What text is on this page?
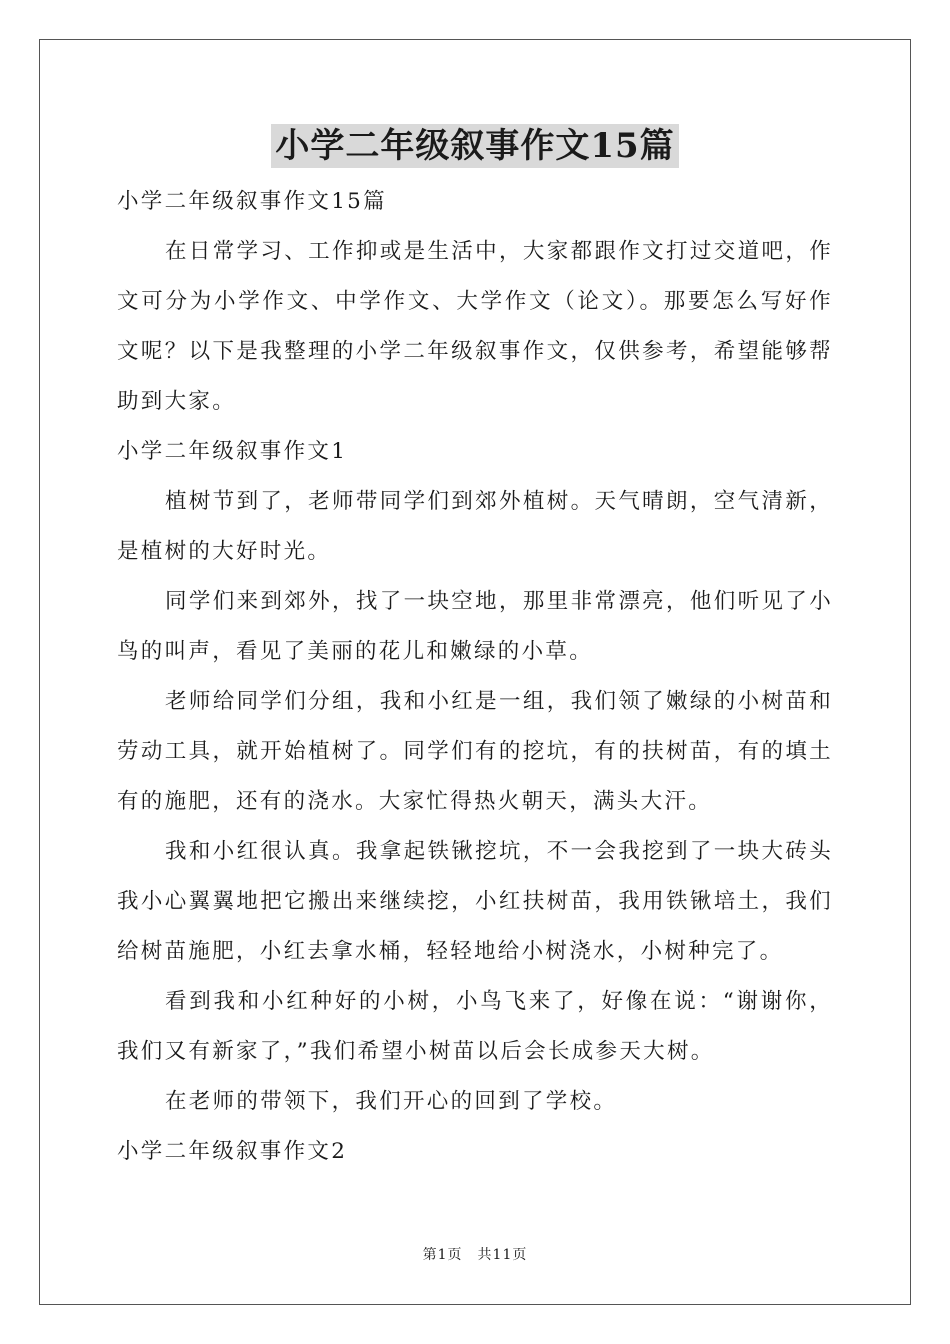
小学二年级叙事作文15篇

小学二年级叙事作文15篇

在日常学习、工作抑或是生活中，大家都跟作文打过交道吧，作文可分为小学作文、中学作文、大学作文（论文）。那要怎么写好作文呢？以下是我整理的小学二年级叙事作文，仅供参考，希望能够帮助到大家。

小学二年级叙事作文1

植树节到了，老师带同学们到郊外植树。天气晴朗，空气清新，是植树的大好时光。

同学们来到郊外，找了一块空地，那里非常漂亮，他们听见了小鸟的叫声，看见了美丽的花儿和嫩绿的小草。

老师给同学们分组，我和小红是一组，我们领了嫩绿的小树苗和劳动工具，就开始植树了。同学们有的挖坑，有的扶树苗，有的填土有的施肥，还有的浇水。大家忙得热火朝天，满头大汗。

我和小红很认真。我拿起铁锹挖坑，不一会我挖到了一块大砖头我小心翼翼地把它搬出来继续挖，小红扶树苗，我用铁锹培土，我们给树苗施肥，小红去拿水桶，轻轻地给小树浇水，小树种完了。

看到我和小红种好的小树，小鸟飞来了，好像在说：“谢谢你，我们又有新家了，”我们希望小树苗以后会长成参天大树。

在老师的带领下，我们开心的回到了学校。

小学二年级叙事作文2

第1页　共11页
